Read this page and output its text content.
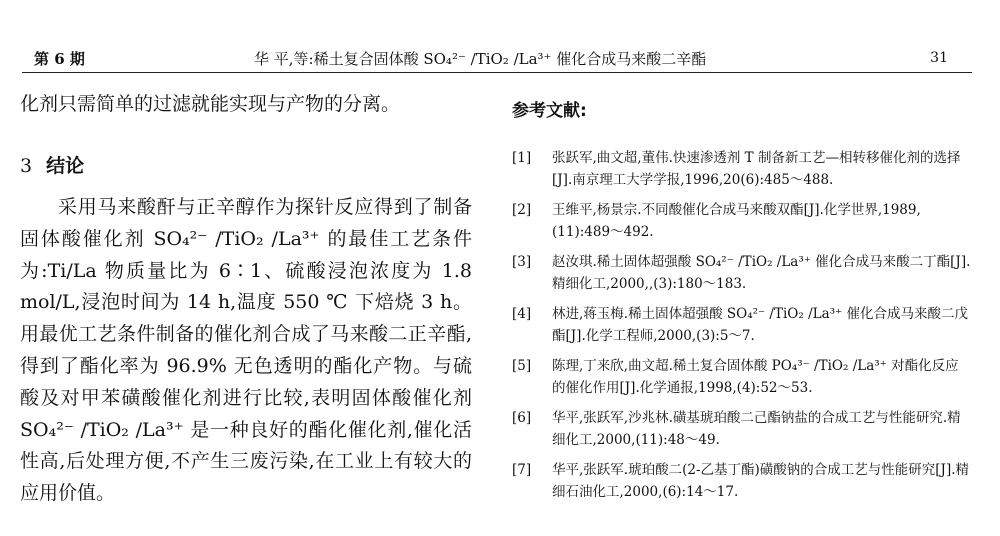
第 6 期	华 平,等:稀土复合固体酸 SO₄²⁻ /TiO₂ /La³⁺ 催化合成马来酸二辛酯	31

化剂只需简单的过滤就能实现与产物的分离。

3 结论

采用马来酸酐与正辛醇作为探针反应得到了制备固体酸催化剂 SO₄²⁻ /TiO₂ /La³⁺ 的最佳工艺条件为:Ti/La 物质量比为 6∶1、硫酸浸泡浓度为 1.8 mol/L,浸泡时间为 14 h,温度 550 ℃ 下焙烧 3 h。用最优工艺条件制备的催化剂合成了马来酸二正辛酯,得到了酯化率为 96.9% 无色透明的酯化产物。与硫酸及对甲苯磺酸催化剂进行比较,表明固体酸催化剂 SO₄²⁻ /TiO₂ /La³⁺ 是一种良好的酯化催化剂,催化活性高,后处理方便,不产生三废污染,在工业上有较大的应用价值。

参考文献:
[1] 张跃军,曲文超,董伟.快速渗透剂 T 制备新工艺—相转移催化剂的选择[J].南京理工大学学报,1996,20(6):485～488.
[2] 王维平,杨景宗.不同酸催化合成马来酸双酯[J].化学世界,1989,(11):489～492.
[3] 赵汝琪.稀土固体超强酸 SO₄²⁻ /TiO₂ /La³⁺ 催化合成马来酸二丁酯[J].精细化工,2000,,(3):180～183.
[4] 林进,蒋玉梅.稀土固体超强酸 SO₄²⁻ /TiO₂ /La³⁺ 催化合成马来酸二戊酯[J].化学工程师,2000,(3):5～7.
[5] 陈理,丁来欣,曲文超.稀土复合固体酸 PO₄³⁻ /TiO₂ /La³⁺ 对酯化反应的催化作用[J].化学通报,1998,(4):52～53.
[6] 华平,张跃军,沙兆林.磺基琥珀酸二己酯钠盐的合成工艺与性能研究.精细化工,2000,(11):48～49.
[7] 华平,张跃军.琥珀酸二(2-乙基丁酯)磺酸钠的合成工艺与性能研究[J].精细石油化工,2000,(6):14～17.
